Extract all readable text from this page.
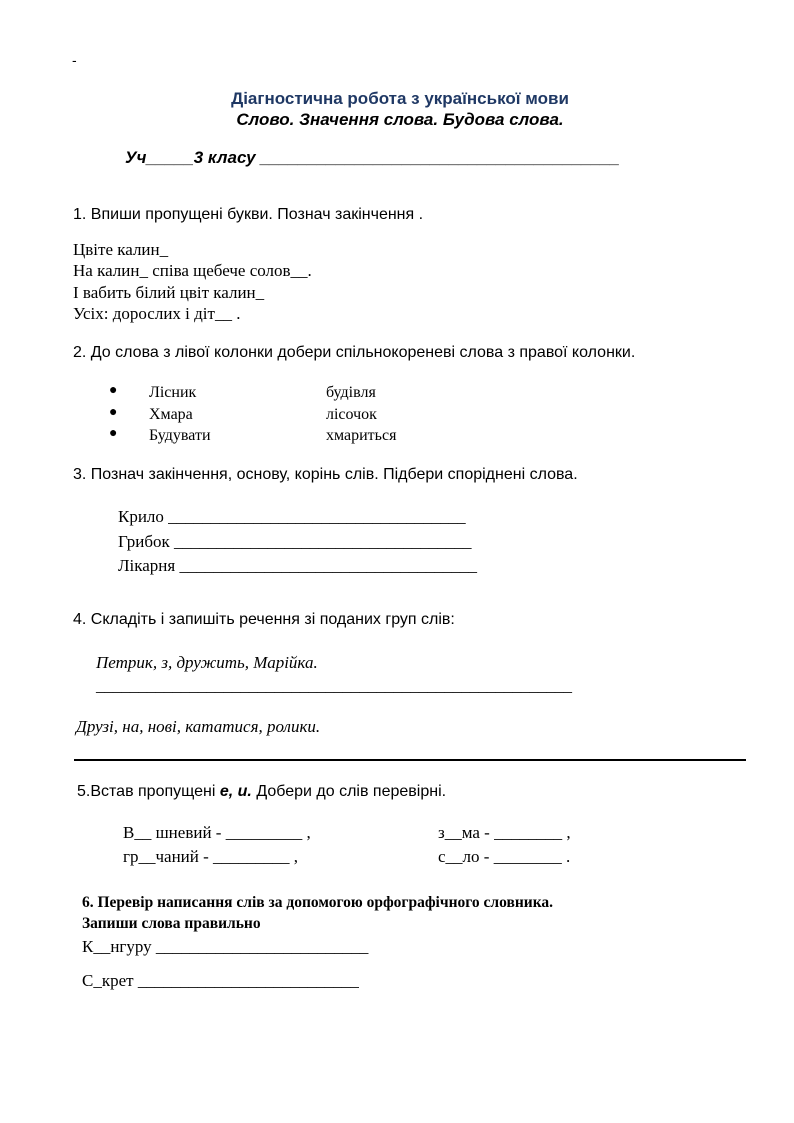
-
Діагностична робота з української мови
Слово. Значення слова. Будова слова.
Уч_____3 класу ______________________________________
1. Впиши пропущені букви. Познач закінчення .
Цвіте калин_
На калин_ співа щебече солов__.
І вабить білий цвіт калин_
Усіх: дорослих і діт__ .
2. До слова з лівої колонки добери спільнокореневі слова з правої колонки.
● Лісник	будівля
● Хмара	лісочок
● Будувати	хмариться
3. Познач закінчення, основу, корінь слів. Підбери споріднені слова.
Крило ___________________________________
Грибок ___________________________________
Лікарня ___________________________________
4. Складіть і запишіть речення зі поданих груп слів:
Петрик, з, дружить, Марійка.
________________________________________________________
Друзі, на, нові, кататися, ролики.
5.Встав пропущені е, и. Добери до слів перевірні.
В__ шневий - _________ ,	з__ма - ________ ,
гр__чаний - _________ ,	с__ло - ________ .
6. Перевір написання слів за допомогою орфографічного словника.
Запиши слова правильно
К__нгуру _________________________
С_крет __________________________
